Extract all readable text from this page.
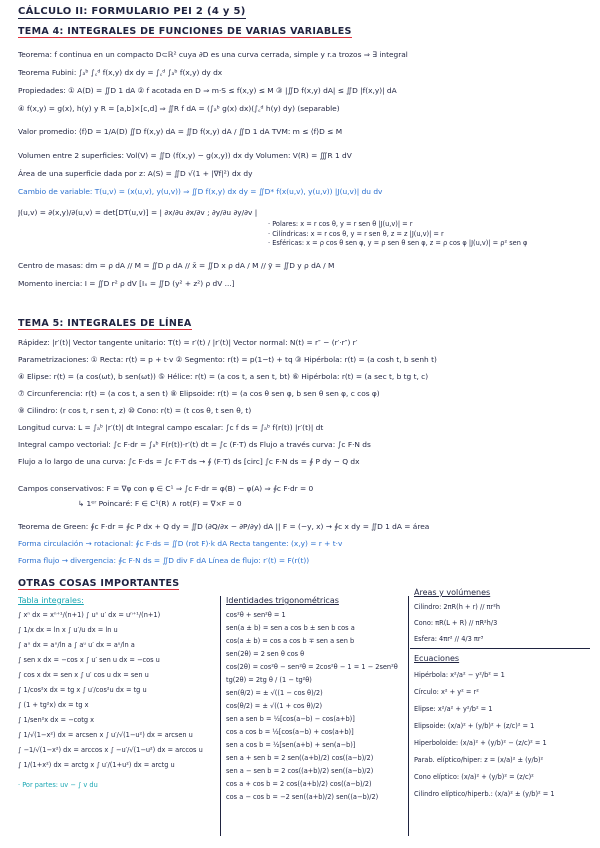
CÁLCULO II: FORMULARIO PEI 2 (4 y 5)
TEMA 4: INTEGRALES DE FUNCIONES DE VARIAS VARIABLES
Teorema: f continua en un compacto D⊂ℝ² cuya ∂D es una curva cerrada, simple y r.a trozos ⇒ ∃ integral
Teorema Fubini: ∫ₐᵇ ∫꜀ᵈ f(x,y) dx dy = ∫꜀ᵈ ∫ₐᵇ f(x,y) dy dx
Propiedades: ① A(D) = ∬D 1 dA ② f acotada en D ⇒ m·S ≤ f(x,y) ≤ M ③ |∬D f(x,y) dA| ≤ ∬D |f(x,y)| dA
④ f(x,y) = g(x), h(y) y R = [a,b]×[c,d] ⇒ ∬R f dA = (∫ₐᵇ g(x) dx)(∫꜀ᵈ h(y) dy) (separable)
Valor promedio: ⟨f⟩D = 1/A(D) ∬D f(x,y) dA = ∬D f(x,y) dA / ∬D 1 dA TVM: m ≤ ⟨f⟩D ≤ M
Volumen entre 2 superficies: Vol(V) = ∬D (f(x,y) − g(x,y)) dx dy Volumen: V(R) = ∭R 1 dV
Área de una superficie dada por z: A(S) = ∬D √(1 + |∇f|²) dx dy
Cambio de variable: T(u,v) = (x(u,v), y(u,v)) ⇒ ∬D f(x,y) dx dy = ∬D* f(x(u,v), y(u,v)) |J(u,v)| du dv
J(u,v) = ∂(x,y)/∂(u,v) = det[DT(u,v)] = | ∂x/∂u ∂x/∂v ; ∂y/∂u ∂y/∂v |
· Polares: x = r cos θ, y = r sen θ |J(u,v)| = r
· Cilíndricas: x = r cos θ, y = r sen θ, z = z |J(u,v)| = r
· Esféricas: x = ρ cos θ sen φ, y = ρ sen θ sen φ, z = ρ cos φ |J(u,v)| = ρ² sen φ
Centro de masas: dm = ρ dA // M = ∬D ρ dA // x̄ = ∬D x ρ dA / M // ȳ = ∬D y ρ dA / M
Momento inercia: I = ∬D r² ρ dV [Iₓ = ∬D (y² + z²) ρ dV ...]
TEMA 5: INTEGRALES DE LÍNEA
Rápidez: |r′(t)| Vector tangente unitario: T(t) = r′(t) / |r′(t)| Vector normal: N(t) = r″ − (r′·r″) r′
Parametrizaciones: ① Recta: r(t) = p + t·v ② Segmento: r(t) = p(1−t) + tq ③ Hipérbola: r(t) = (a cosh t, b senh t)
④ Elipse: r(t) = (a cos(ωt), b sen(ωt)) ⑤ Hélice: r(t) = (a cos t, a sen t, bt) ⑥ Hipérbola: r(t) = (a sec t, b tg t, c)
⑦ Circunferencia: r(t) = (a cos t, a sen t) ⑧ Elipsoide: r(t) = (a cos θ sen φ, b sen θ sen φ, c cos φ)
⑨ Cilindro: (r cos t, r sen t, z) ⑩ Cono: r(t) = (t cos θ, t sen θ, t)
Longitud curva: L = ∫ₐᵇ |r′(t)| dt Integral campo escalar: ∫c f ds = ∫ₐᵇ f(r(t)) |r′(t)| dt
Integral campo vectorial: ∫c F·dr = ∫ₐᵇ F(r(t))·r′(t) dt = ∫c (F·T) ds Flujo a través curva: ∫c F·N ds
Flujo a lo largo de una curva: ∫c F·ds = ∫c F·T ds → ∮ (F·T) ds [circ] ∫c F·N ds = ∮ P dy − Q dx
Campos conservativos: F = ∇φ con φ ∈ C¹ ⇒ ∫c F·dr = φ(B) − φ(A) ⇒ ∮c F·dr = 0
↳ 1ᵉʳ Poincaré: F ∈ C¹(R) ∧ rot(F) = ∇×F = 0
Teorema de Green: ∮c F·dr = ∮c P dx + Q dy = ∬D (∂Q/∂x − ∂P/∂y) dA || F = (−y, x) → ∮c x dy = ∬D 1 dA = área
Forma circulación → rotacional: ∮c F·ds = ∬D (rot F)·k dA Recta tangente: (x,y) = r + t·v
Forma flujo → divergencia: ∮c F·N ds = ∬D div F dA Línea de flujo: r′(t) = F(r(t))
OTRAS COSAS IMPORTANTES
Tabla integrales:
∫ xⁿ dx = xⁿ⁺¹/(n+1) ∫ uⁿ u′ dx = uⁿ⁺¹/(n+1)
∫ 1/x dx = ln x ∫ u′/u dx = ln u
∫ aˣ dx = aˣ/ln a ∫ aᵘ u′ dx = aᵘ/ln a
∫ sen x dx = −cos x ∫ u′ sen u dx = −cos u
∫ cos x dx = sen x ∫ u′ cos u dx = sen u
∫ 1/cos²x dx = tg x ∫ u′/cos²u dx = tg u
∫ (1 + tg²x) dx = tg x
∫ 1/sen²x dx = −cotg x
∫ 1/√(1−x²) dx = arcsen x ∫ u′/√(1−u²) dx = arcsen u
∫ −1/√(1−x²) dx = arccos x ∫ −u′/√(1−u²) dx = arccos u
∫ 1/(1+x²) dx = arctg x ∫ u′/(1+u²) dx = arctg u
· Por partes: uv − ∫ v du
Identidades trigonométricas
cos²θ + sen²θ = 1
sen(a ± b) = sen a cos b ± sen b cos a
cos(a ± b) = cos a cos b ∓ sen a sen b
sen(2θ) = 2 sen θ cos θ
cos(2θ) = cos²θ − sen²θ = 2cos²θ − 1 = 1 − 2sen²θ
tg(2θ) = 2tg θ / (1 − tg²θ)
sen(θ/2) = ± √((1 − cos θ)/2)
cos(θ/2) = ± √((1 + cos θ)/2)
sen a sen b = ½[cos(a−b) − cos(a+b)]
cos a cos b = ½[cos(a−b) + cos(a+b)]
sen a cos b = ½[sen(a+b) + sen(a−b)]
sen a + sen b = 2 sen((a+b)/2) cos((a−b)/2)
sen a − sen b = 2 cos((a+b)/2) sen((a−b)/2)
cos a + cos b = 2 cos((a+b)/2) cos((a−b)/2)
cos a − cos b = −2 sen((a+b)/2) sen((a−b)/2)
Áreas y volúmenes
Cilindro: 2πR(h + r) // πr²h
Cono: πR(L + R) // πR²h/3
Esfera: 4πr² // 4/3 πr³
Ecuaciones
Hipérbola: x²/a² − y²/b² = 1
Círculo: x² + y² = r²
Elipse: x²/a² + y²/b² = 1
Elipsoide: (x/a)² + (y/b)² + (z/c)² = 1
Hiperboloide: (x/a)² + (y/b)² − (z/c)² = 1
Parab. elíptico/hiper: z = (x/a)² ± (y/b)²
Cono elíptico: (x/a)² + (y/b)² = (z/c)²
Cilindro elíptico/hiperb.: (x/a)² ± (y/b)² = 1
